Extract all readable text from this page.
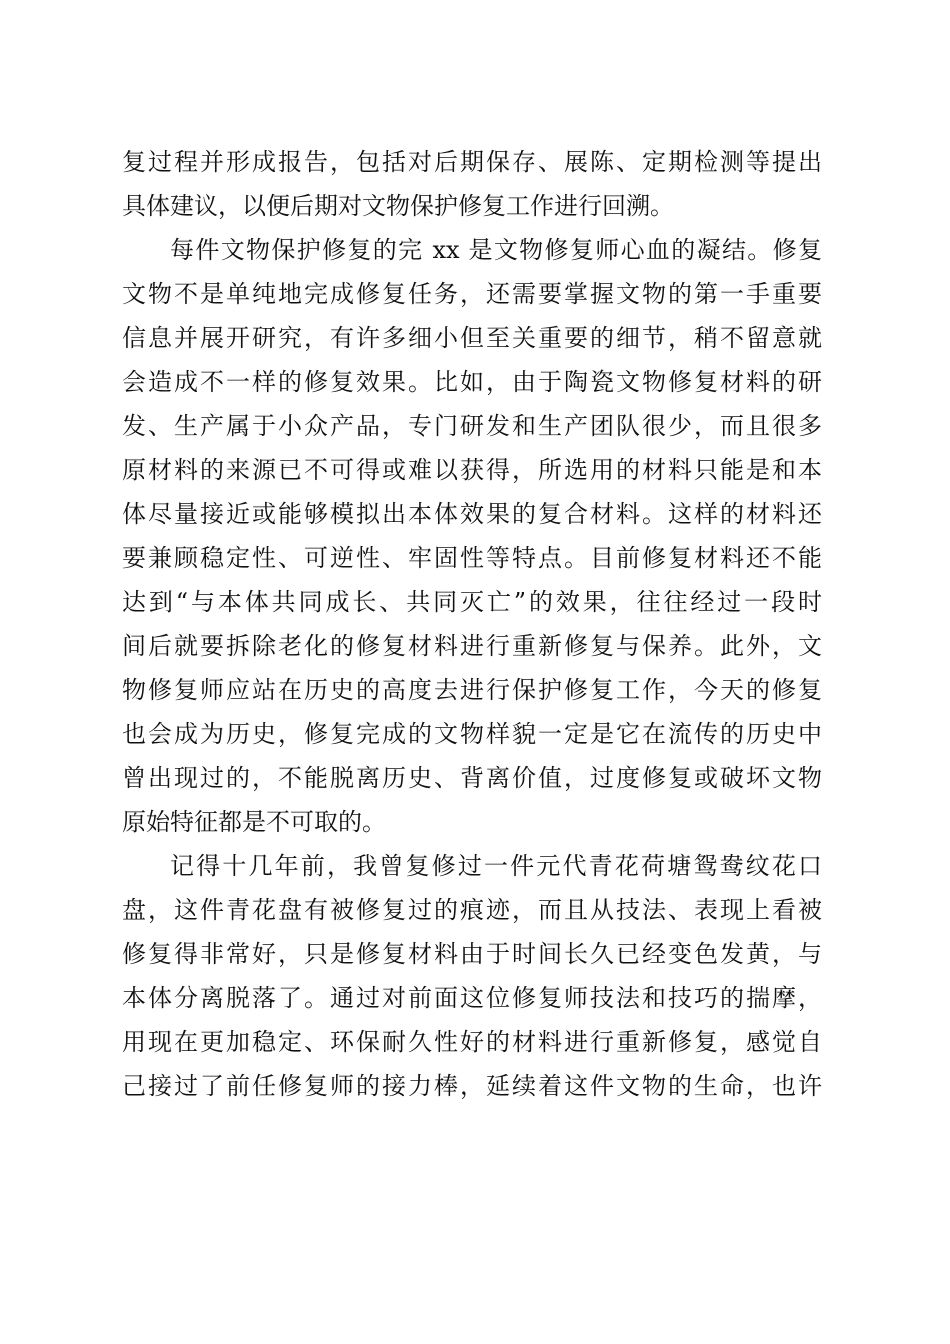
复过程并形成报告，包括对后期保存、展陈、定期检测等提出
具体建议，以便后期对文物保护修复工作进行回溯。
每件文物保护修复的完 xx 是文物修复师心血的凝结。修复
文物不是单纯地完成修复任务，还需要掌握文物的第一手重要
信息并展开研究，有许多细小但至关重要的细节，稍不留意就
会造成不一样的修复效果。比如，由于陶瓷文物修复材料的研
发、生产属于小众产品，专门研发和生产团队很少，而且很多
原材料的来源已不可得或难以获得，所选用的材料只能是和本
体尽量接近或能够模拟出本体效果的复合材料。这样的材料还
要兼顾稳定性、可逆性、牢固性等特点。目前修复材料还不能
达到“与本体共同成长、共同灭亡”的效果，往往经过一段时
间后就要拆除老化的修复材料进行重新修复与保养。此外，文
物修复师应站在历史的高度去进行保护修复工作，今天的修复
也会成为历史，修复完成的文物样貌一定是它在流传的历史中
曾出现过的，不能脱离历史、背离价值，过度修复或破坏文物
原始特征都是不可取的。
记得十几年前，我曾复修过一件元代青花荷塘鸳鸯纹花口
盘，这件青花盘有被修复过的痕迹，而且从技法、表现上看被
修复得非常好，只是修复材料由于时间长久已经变色发黄，与
本体分离脱落了。通过对前面这位修复师技法和技巧的揣摩，
用现在更加稳定、环保耐久性好的材料进行重新修复，感觉自
己接过了前任修复师的接力棒，延续着这件文物的生命，也许
